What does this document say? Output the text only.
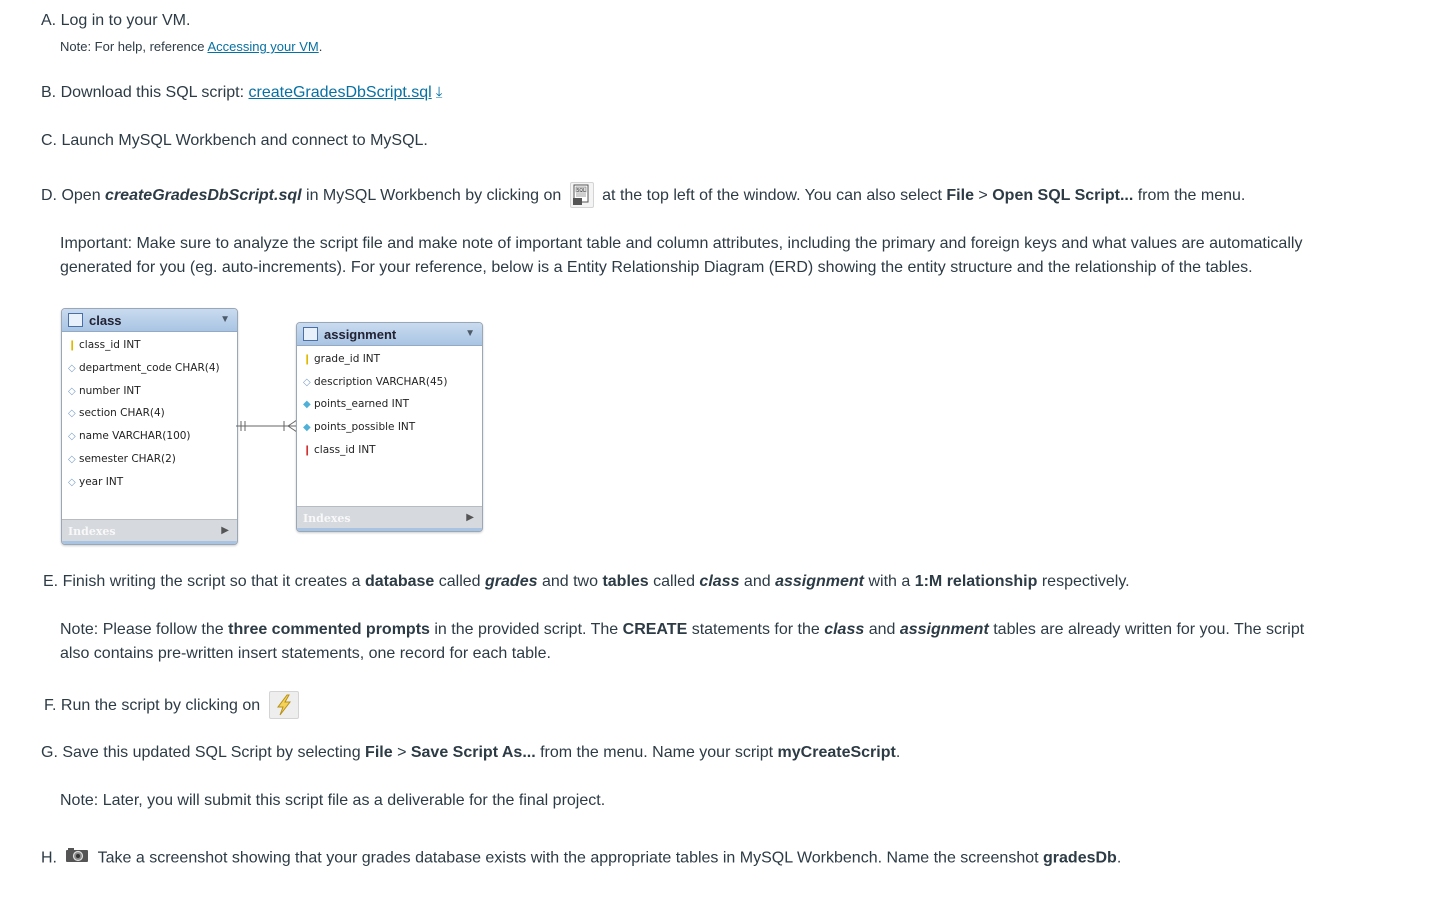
A. Log in to your VM.
Note: For help, reference Accessing your VM.
B. Download this SQL script: createGradesDbScript.sql ⤓
C. Launch MySQL Workbench and connect to MySQL.
D. Open createGradesDbScript.sql in MySQL Workbench by clicking on	SQL at the top left of the window. You can also select File > Open SQL Script... from the menu.
Important: Make sure to analyze the script file and make note of important table and column attributes, including the primary and foreign keys and what values are automatically generated for you (eg. auto-increments). For your reference, below is a Entity Relationship Diagram (ERD) showing the entity structure and the relationship of the tables.
class	▼
❙ class_id INT
◇ department_code CHAR(4)
◇ number INT
◇ section CHAR(4)
◇ name VARCHAR(100)
◇ semester CHAR(2)
◇ year INT
Indexes	▶
assignment	▼
❙ grade_id INT
◇ description VARCHAR(45)
◆ points_earned INT
◆ points_possible INT
❙ class_id INT
Indexes	▶
E. Finish writing the script so that it creates a database called grades and two tables called class and assignment with a 1:M relationship respectively.
Note: Please follow the three commented prompts in the provided script. The CREATE statements for the class and assignment tables are already written for you. The script also contains pre-written insert statements, one record for each table.
F. Run the script by clicking on
G. Save this updated SQL Script by selecting File > Save Script As... from the menu. Name your script myCreateScript.
Note: Later, you will submit this script file as a deliverable for the final project.
H.	Take a screenshot showing that your grades database exists with the appropriate tables in MySQL Workbench. Name the screenshot gradesDb.
